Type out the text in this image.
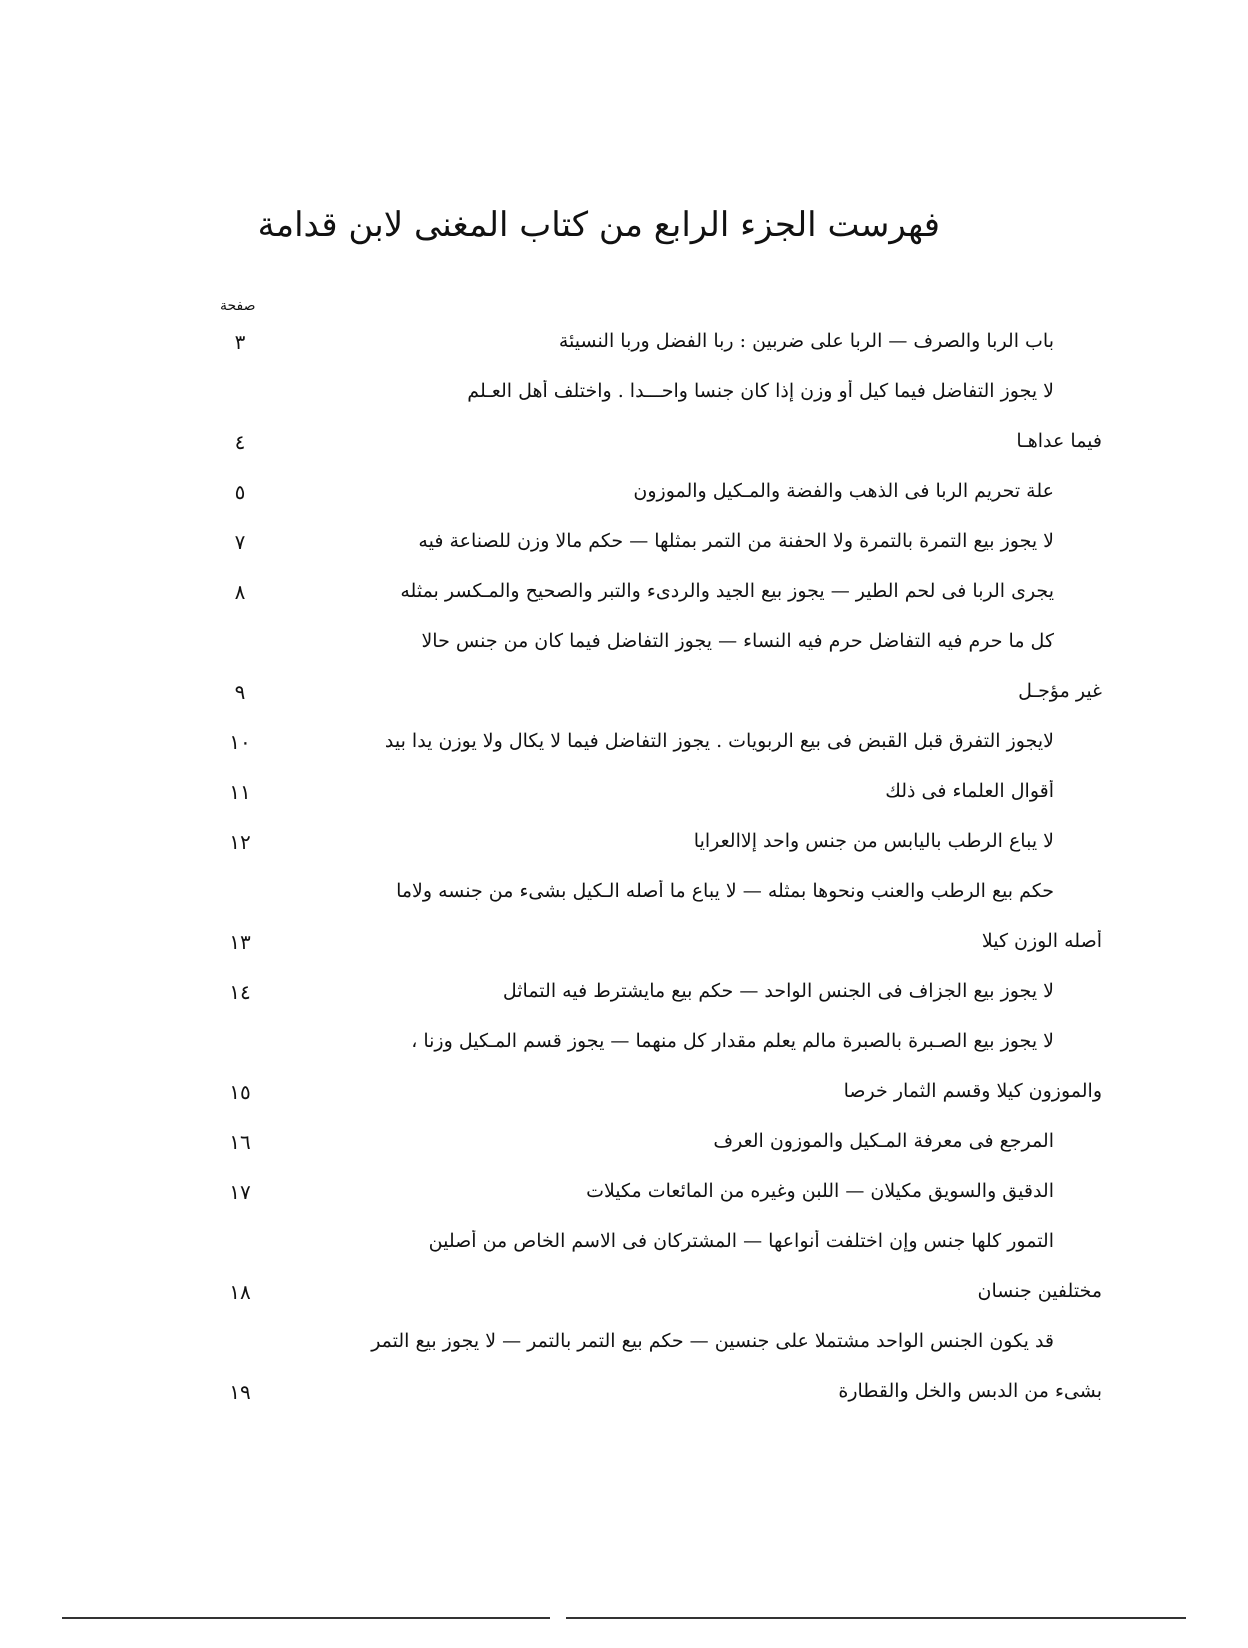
فهرست الجزء الرابع من كتاب المغنى لابن قدامة
صفحة
٣	باب الربا والصرف — الربا على ضربين : ربا الفضل وربا النسيئة
لا يجوز التفاضل فيما كيل أو وزن إذا كان جنسا واحـــدا . واختلف أهل العـلم
٤	فيما عداهـا
٥	علة تحريم الربا فى الذهب والفضة والمـكيل والموزون
٧	لا يجوز بيع التمرة بالتمرة ولا الحفنة من التمر بمثلها — حكم مالا وزن للصناعة فيه
٨	يجرى الربا فى لحم الطير — يجوز بيع الجيد والردىء والتبر والصحيح والمـكسر بمثله
كل ما حرم فيه التفاضل حرم فيه النساء — يجوز التفاضل فيما كان من جنس حالا
٩	غير مؤجـل
١٠	لايجوز التفرق قبل القبض فى بيع الربويات . يجوز التفاضل فيما لا يكال ولا يوزن يدا بيد
١١	أقوال العلماء فى ذلك
١٢	لا يباع الرطب باليابس من جنس واحد إلاالعرايا
حكم بيع الرطب والعنب ونحوها بمثله — لا يباع ما أصله الـكيل بشىء من جنسه ولاما
١٣	أصله الوزن كيلا
١٤	لا يجوز بيع الجزاف فى الجنس الواحد — حكم بيع مايشترط فيه التماثل
لا يجوز بيع الصـبرة بالصبرة مالم يعلم مقدار كل منهما — يجوز قسم المـكيل وزنا ،
١٥	والموزون كيلا وقسم الثمار خرصا
١٦	المرجع فى معرفة المـكيل والموزون العرف
١٧	الدقيق والسويق مكيلان — اللبن وغيره من المائعات مكيلات
التمور كلها جنس وإن اختلفت أنواعها — المشتركان فى الاسم الخاص من أصلين
١٨	مختلفين جنسان
قد يكون الجنس الواحد مشتملا على جنسين — حكم بيع التمر بالتمر — لا يجوز بيع التمر
١٩	بشىء من الدبس والخل والقطارة
